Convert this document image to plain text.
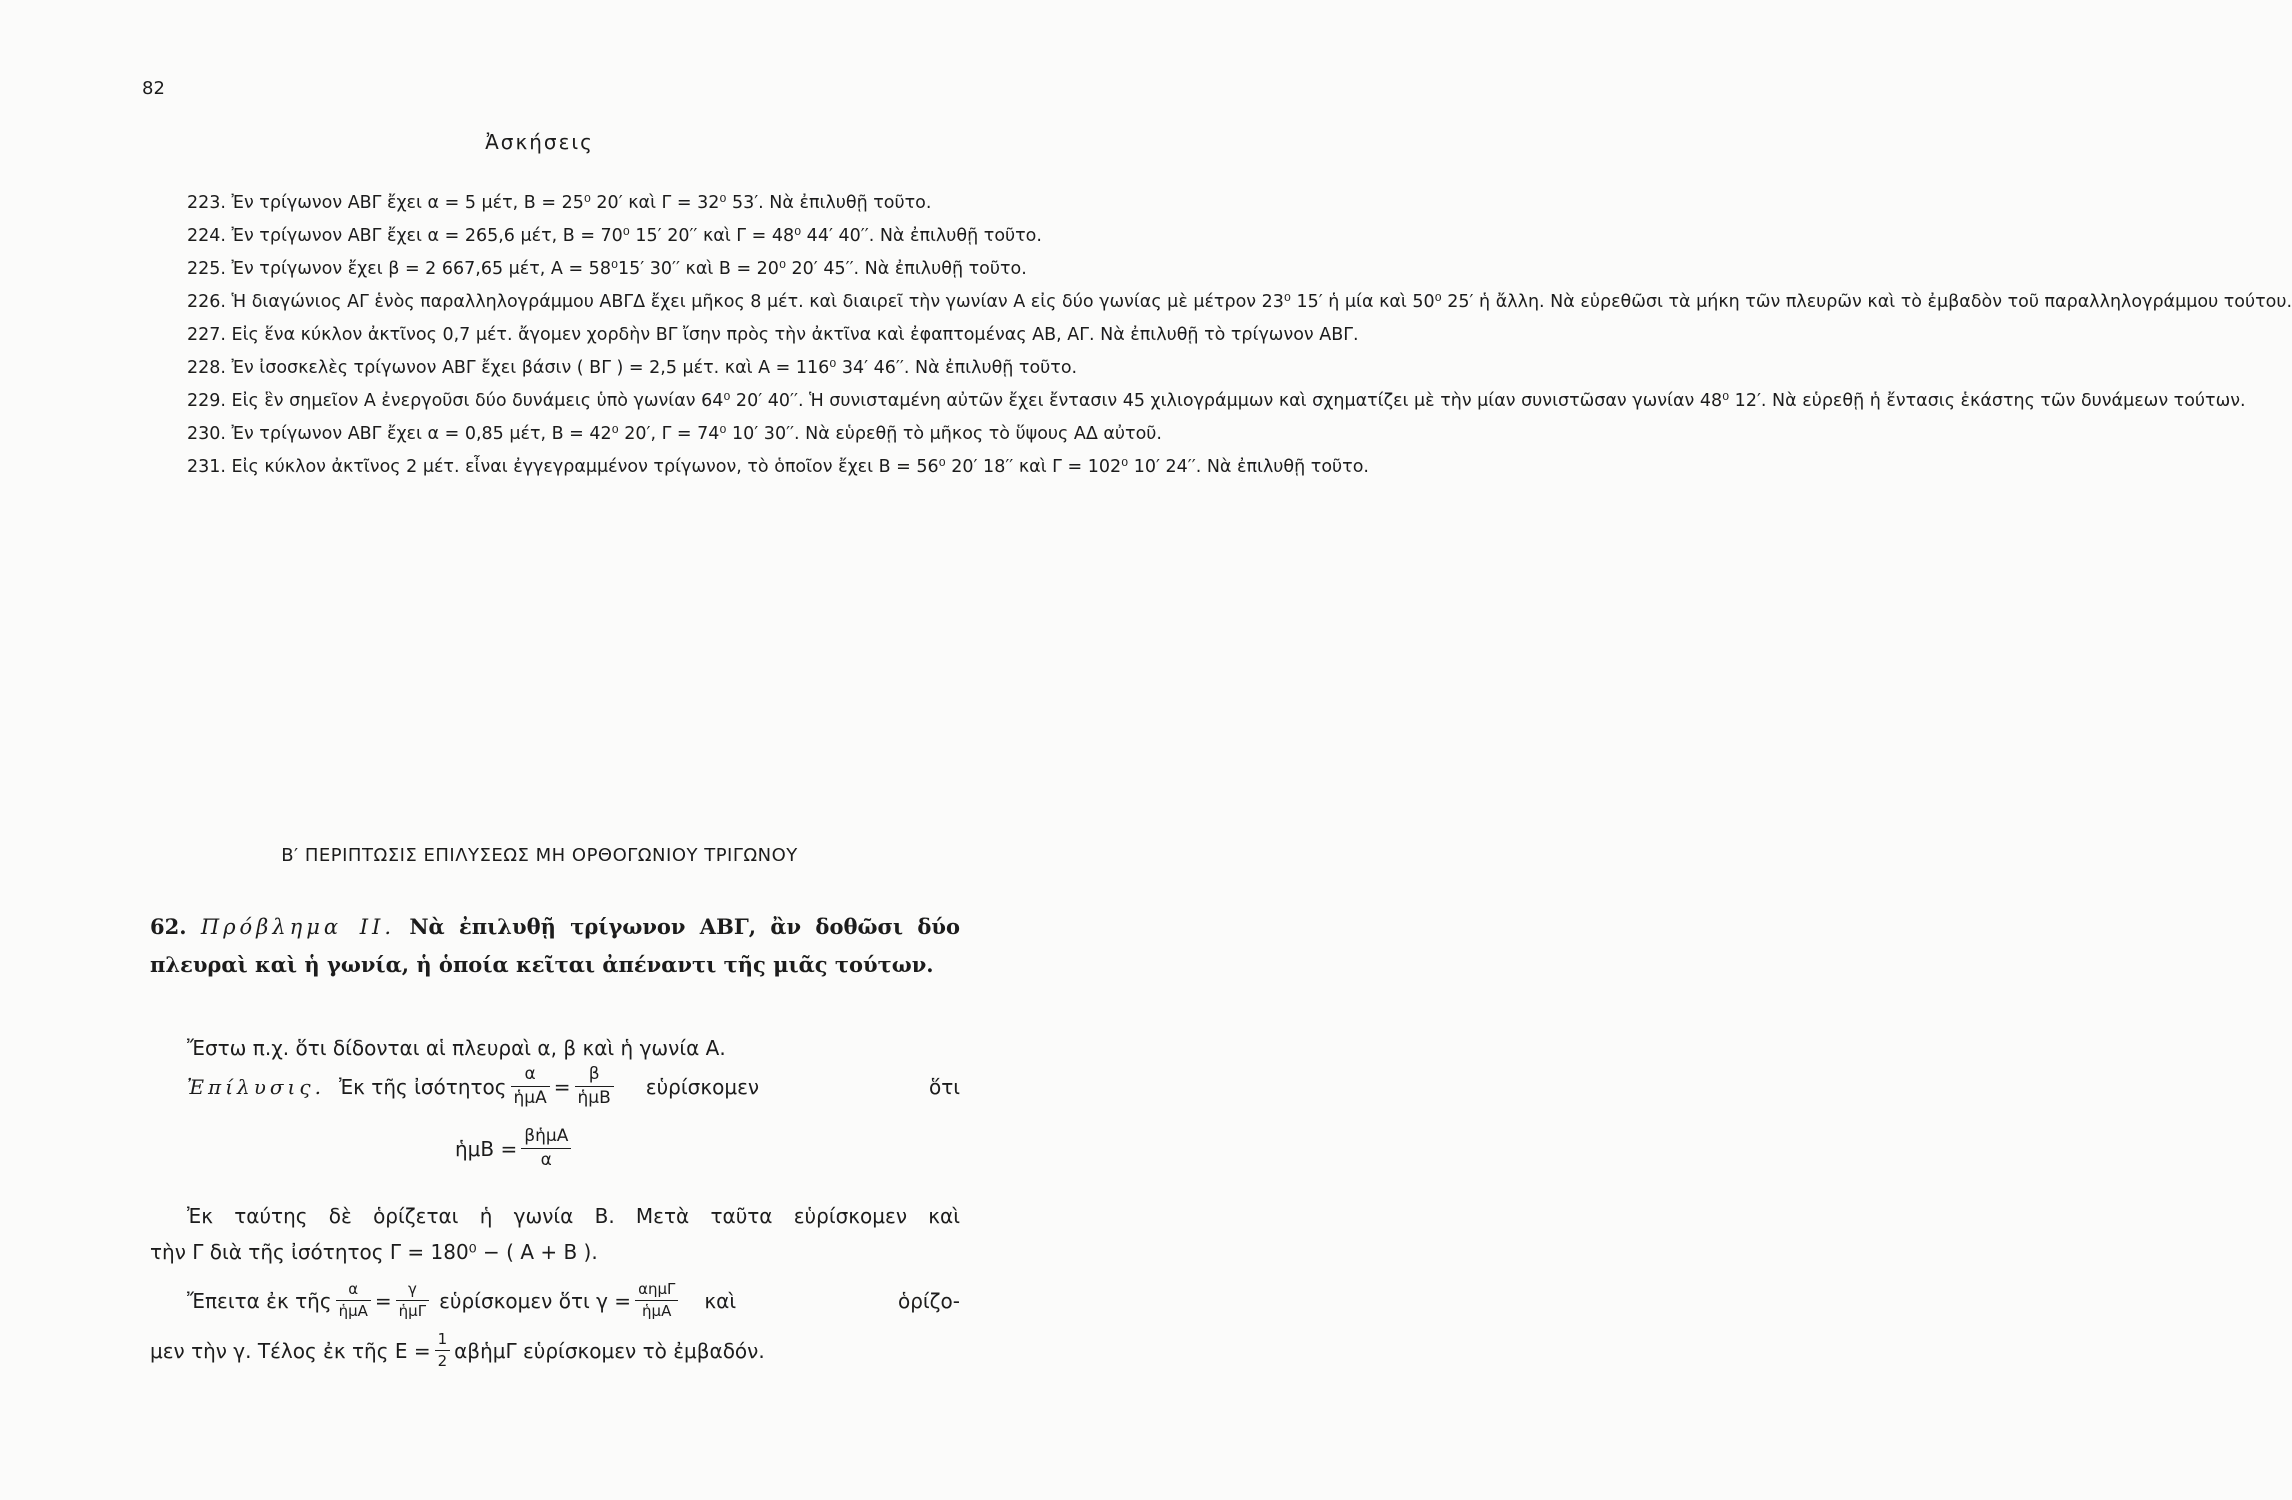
82
Ἀσκήσεις

223. Ἐν τρίγωνον ΑΒΓ ἔχει α = 5 μέτ, Β = 25⁰ 20′ καὶ Γ = 32⁰ 53′. Νὰ ἐπιλυθῇ τοῦτο.

224. Ἐν τρίγωνον ΑΒΓ ἔχει α = 265,6 μέτ, Β = 70⁰ 15′ 20′′ καὶ Γ = 48⁰ 44′ 40′′. Νὰ ἐπιλυθῇ τοῦτο.

225. Ἐν τρίγωνον ἔχει β = 2 667,65 μέτ, Α = 58⁰15′ 30′′ καὶ Β = 20⁰ 20′ 45′′. Νὰ ἐπιλυθῇ τοῦτο.

226. Ἡ διαγώνιος ΑΓ ἑνὸς παραλληλογράμμου ΑΒΓΔ ἔχει μῆκος 8 μέτ. καὶ διαιρεῖ τὴν γωνίαν Α εἰς δύο γωνίας μὲ μέτρον 23⁰ 15′ ἡ μία καὶ 50⁰ 25′ ἡ ἄλλη. Νὰ εὑρεθῶσι τὰ μήκη τῶν πλευρῶν καὶ τὸ ἐμβαδὸν τοῦ παραλληλογράμμου τούτου.

227. Εἰς ἕνα κύκλον ἀκτῖνος 0,7 μέτ. ἄγομεν χορδὴν ΒΓ ἴσην πρὸς τὴν ἀκτῖνα καὶ ἐφαπτομένας ΑΒ, ΑΓ. Νὰ ἐπιλυθῇ τὸ τρίγωνον ΑΒΓ.

228. Ἐν ἰσοσκελὲς τρίγωνον ΑΒΓ ἔχει βάσιν ( ΒΓ ) = 2,5 μέτ. καὶ Α = 116⁰ 34′ 46′′. Νὰ ἐπιλυθῇ τοῦτο.

229. Εἰς ἓν σημεῖον Α ἐνεργοῦσι δύο δυνάμεις ὑπὸ γωνίαν 64⁰ 20′ 40′′. Ἡ συνισταμένη αὐτῶν ἔχει ἔντασιν 45 χιλιογράμμων καὶ σχηματίζει μὲ τὴν μίαν συνιστῶσαν γωνίαν 48⁰ 12′. Νὰ εὑρεθῇ ἡ ἔντασις ἑκάστης τῶν δυνάμεων τούτων.

230. Ἐν τρίγωνον ΑΒΓ ἔχει α = 0,85 μέτ, Β = 42⁰ 20′, Γ = 74⁰ 10′ 30′′. Νὰ εὑρεθῇ τὸ μῆκος τὸ ὕψους ΑΔ αὐτοῦ.

231. Εἰς κύκλον ἀκτῖνος 2 μέτ. εἶναι ἐγγεγραμμένον τρίγωνον, τὸ ὁποῖον ἔχει Β = 56⁰ 20′ 18′′ καὶ Γ = 102⁰ 10′ 24′′. Νὰ ἐπιλυθῇ τοῦτο.

Β′ ΠΕΡΙΠΤΩΣΙΣ ΕΠΙΛΥΣΕΩΣ ΜΗ ΟΡΘΟΓΩΝΙΟΥ ΤΡΙΓΩΝΟΥ
62. Πρόβλημα ΙΙ. Νὰ ἐπιλυθῇ τρίγωνον ΑΒΓ, ἂν δοθῶσι δύο πλευραὶ καὶ ἡ γωνία, ἡ ὁποία κεῖται ἀπέναντι τῆς μιᾶς τούτων.
Ἔστω π.χ. ὅτι δίδονται αἱ πλευραὶ α, β καὶ ἡ γωνία Α.
Ἐπίλυσις. Ἐκ τῆς ἰσότητος $\frac{\alpha}{\text{ἡμΑ}} = \frac{\beta}{\text{ἡμΒ}}$ εὑρίσκομεν	ὅτι
ἡμΒ = $\frac{\text{βἡμΑ}}{\alpha}$
Ἐκ ταύτης δὲ ὁρίζεται ἡ γωνία Β. Μετὰ ταῦτα εὑρίσκομεν καὶ
τὴν Γ διὰ τῆς ἰσότητος Γ = 180⁰ − ( Α + Β ).
Ἔπειτα ἐκ τῆς $\frac{\alpha}{\text{ἡμΑ}} = \frac{\gamma}{\text{ἡμΓ}}$ εὑρίσκομεν ὅτι $\gamma = \frac{\text{αημΓ}}{\text{ἡμΑ}}$ καὶ	ὁρίζο-
μεν τὴν γ. Τέλος ἐκ τῆς $E = \frac{1}{2}$ αβἡμΓ εὑρίσκομεν τὸ ἐμβαδόν.
